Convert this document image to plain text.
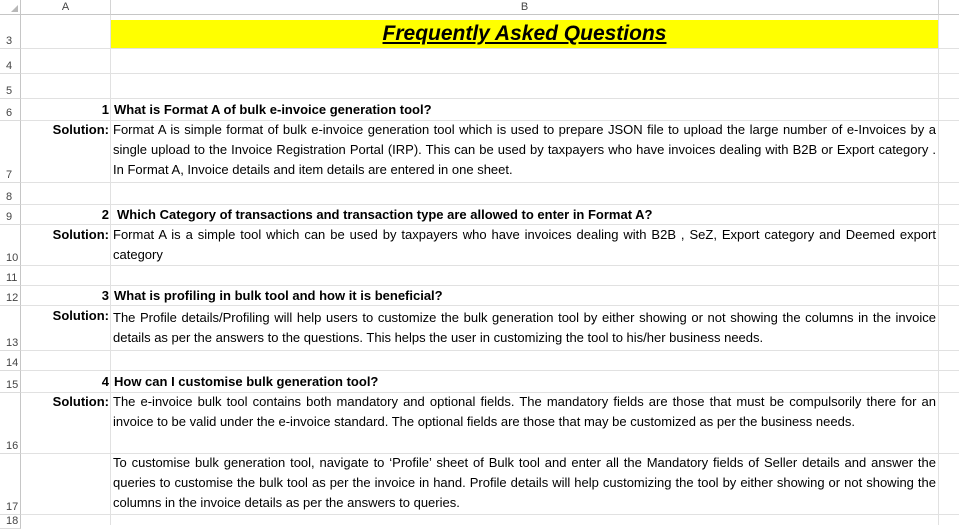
A	B
3
4
5
6
7
8
9
10
11
12
13
14
15
16
17
18
Frequently Asked Questions
1 What is Format A of bulk e-invoice generation tool?
Solution: Format A is simple format of bulk e-invoice generation tool which is used to prepare JSON file to upload the large number of e-Invoices by a single upload to the Invoice Registration Portal (IRP). This can be used by taxpayers who have invoices dealing with B2B or Export category . In Format A, Invoice details and item details are entered in one sheet.
2 Which Category of transactions and transaction type are allowed to enter in Format A?
Solution: Format A is a simple tool which can be used by taxpayers who have invoices dealing with B2B , SeZ, Export category and Deemed export category
3 What is profiling in bulk tool and how it is beneficial?
Solution: The Profile details/Profiling will help users to customize the bulk generation tool by either showing or not showing the columns in the invoice details as per the answers to the questions. This helps the user in customizing the tool to his/her business needs.
4 How can I customise bulk generation tool?
Solution: The e-invoice bulk tool contains both mandatory and optional fields. The mandatory fields are those that must be compulsorily there for an invoice to be valid under the e-invoice standard. The optional fields are those that may be customized as per the business needs.
To customise bulk generation tool, navigate to ‘Profile’ sheet of Bulk tool and enter all the Mandatory fields of Seller details and answer the queries to customise the bulk tool as per the invoice in hand. Profile details will help customizing the tool by either showing or not showing the columns in the invoice details as per the answers to queries.
